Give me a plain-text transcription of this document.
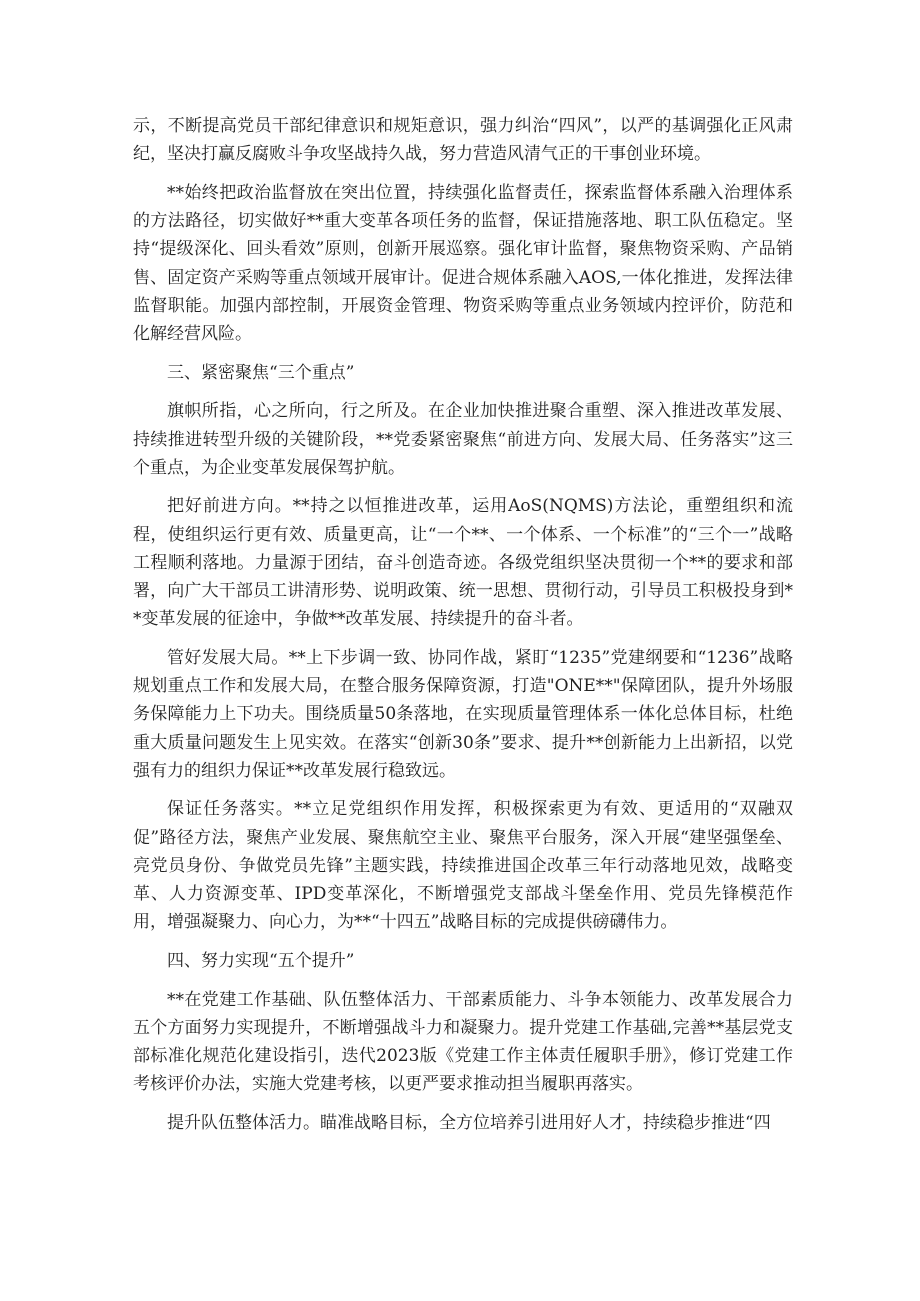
示，不断提高党员干部纪律意识和规矩意识，强力纠治“四风”，以严的基调强化正风肃纪，坚决打赢反腐败斗争攻坚战持久战，努力营造风清气正的干事创业环境。

**始终把政治监督放在突出位置，持续强化监督责任，探索监督体系融入治理体系的方法路径，切实做好**重大变革各项任务的监督，保证措施落地、职工队伍稳定。坚持“提级深化、回头看效”原则，创新开展巡察。强化审计监督，聚焦物资采购、产品销售、固定资产采购等重点领域开展审计。促进合规体系融入AOS,一体化推进，发挥法律监督职能。加强内部控制，开展资金管理、物资采购等重点业务领域内控评价，防范和化解经营风险。

三、紧密聚焦“三个重点”

旗帜所指，心之所向，行之所及。在企业加快推进聚合重塑、深入推进改革发展、持续推进转型升级的关键阶段，**党委紧密聚焦“前进方向、发展大局、任务落实”这三个重点，为企业变革发展保驾护航。

把好前进方向。**持之以恒推进改革，运用AoS(NQMS)方法论，重塑组织和流程，使组织运行更有效、质量更高，让“一个**、一个体系、一个标准”的“三个一”战略工程顺利落地。力量源于团结，奋斗创造奇迹。各级党组织坚决贯彻一个**的要求和部署，向广大干部员工讲清形势、说明政策、统一思想、贯彻行动，引导员工积极投身到**变革发展的征途中，争做**改革发展、持续提升的奋斗者。

管好发展大局。**上下步调一致、协同作战，紧盯“1235”党建纲要和“1236”战略规划重点工作和发展大局，在整合服务保障资源，打造"ONE**"保障团队，提升外场服务保障能力上下功夫。围绕质量50条落地，在实现质量管理体系一体化总体目标，杜绝重大质量问题发生上见实效。在落实“创新30条”要求、提升**创新能力上出新招，以党强有力的组织力保证**改革发展行稳致远。

保证任务落实。**立足党组织作用发挥，积极探索更为有效、更适用的“双融双促”路径方法，聚焦产业发展、聚焦航空主业、聚焦平台服务，深入开展“建坚强堡垒、亮党员身份、争做党员先锋”主题实践，持续推进国企改革三年行动落地见效，战略变革、人力资源变革、IPD变革深化，不断增强党支部战斗堡垒作用、党员先锋模范作用，增强凝聚力、向心力，为**“十四五”战略目标的完成提供磅礴伟力。

四、努力实现“五个提升”

**在党建工作基础、队伍整体活力、干部素质能力、斗争本领能力、改革发展合力五个方面努力实现提升，不断增强战斗力和凝聚力。提升党建工作基础,完善**基层党支部标准化规范化建设指引，迭代2023版《党建工作主体责任履职手册》，修订党建工作考核评价办法，实施大党建考核，以更严要求推动担当履职再落实。

提升队伍整体活力。瞄准战略目标，全方位培养引进用好人才，持续稳步推进“四
